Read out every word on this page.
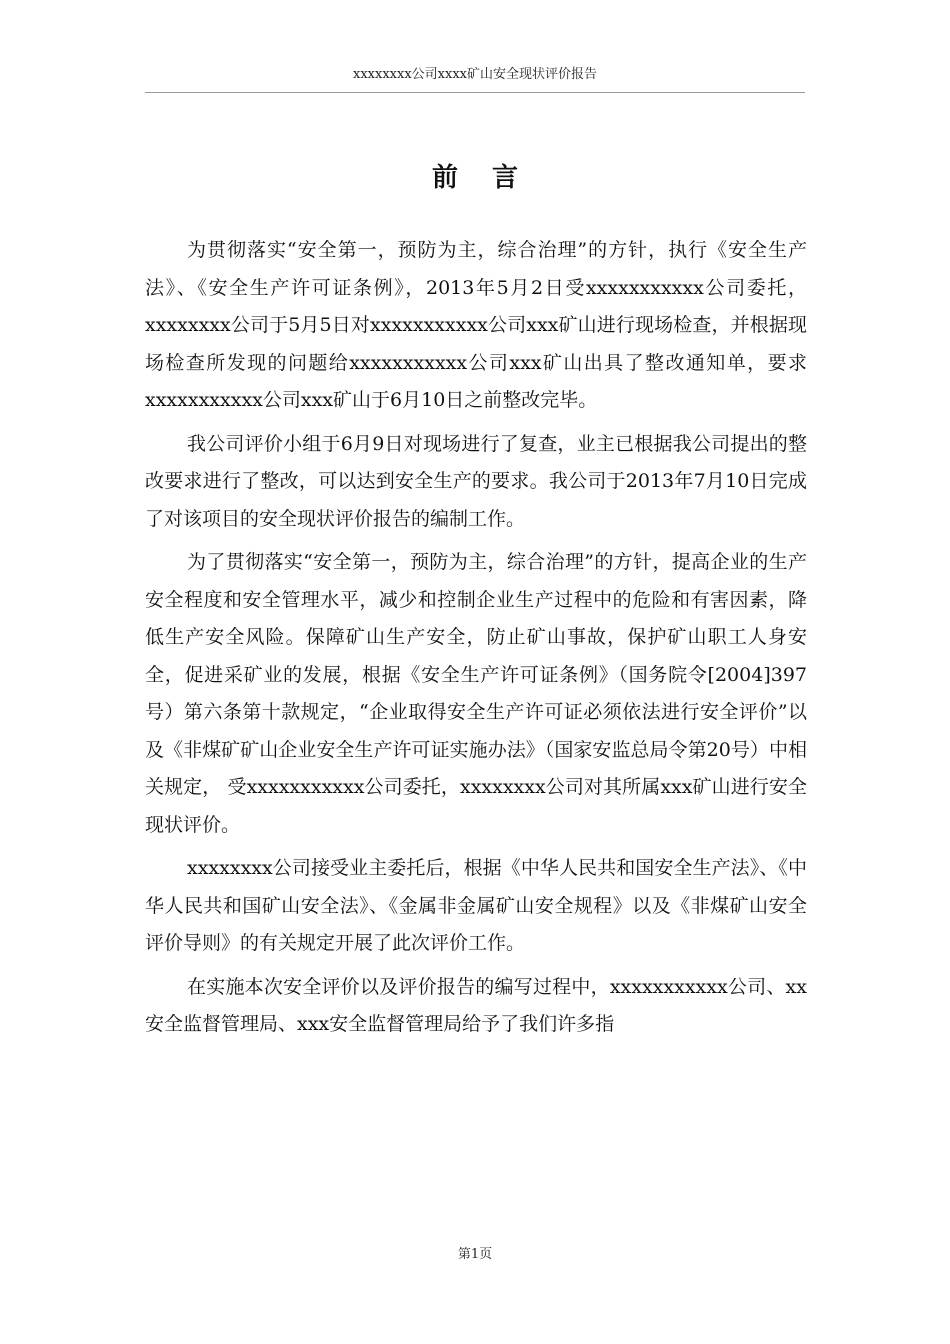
xxxxxxxx公司xxxx矿山安全现状评价报告
前言

为贯彻落实“安全第一，预防为主，综合治理”的方针，执行《安全生产法》、《安全生产许可证条例》，2013年5月2日受xxxxxxxxxxx公司委托，xxxxxxxx公司于5月5日对xxxxxxxxxxx公司xxx矿山进行现场检查，并根据现场检查所发现的问题给xxxxxxxxxxx公司xxx矿山出具了整改通知单，要求xxxxxxxxxxx公司xxx矿山于6月10日之前整改完毕。

我公司评价小组于6月9日对现场进行了复查，业主已根据我公司提出的整改要求进行了整改，可以达到安全生产的要求。我公司于2013年7月10日完成了对该项目的安全现状评价报告的编制工作。

为了贯彻落实“安全第一，预防为主，综合治理”的方针，提高企业的生产安全程度和安全管理水平，减少和控制企业生产过程中的危险和有害因素，降低生产安全风险。保障矿山生产安全，防止矿山事故，保护矿山职工人身安全，促进采矿业的发展，根据《安全生产许可证条例》（国务院令[2004]397号）第六条第十款规定，“企业取得安全生产许可证必须依法进行安全评价”以及《非煤矿矿山企业安全生产许可证实施办法》（国家安监总局令第20号）中相关规定， 受xxxxxxxxxxx公司委托，xxxxxxxx公司对其所属xxx矿山进行安全现状评价。

xxxxxxxx公司接受业主委托后，根据《中华人民共和国安全生产法》、《中华人民共和国矿山安全法》、《金属非金属矿山安全规程》以及《非煤矿山安全评价导则》的有关规定开展了此次评价工作。

在实施本次安全评价以及评价报告的编写过程中，xxxxxxxxxxx公司、xx安全监督管理局、xxx安全监督管理局给予了我们许多指

第1页
